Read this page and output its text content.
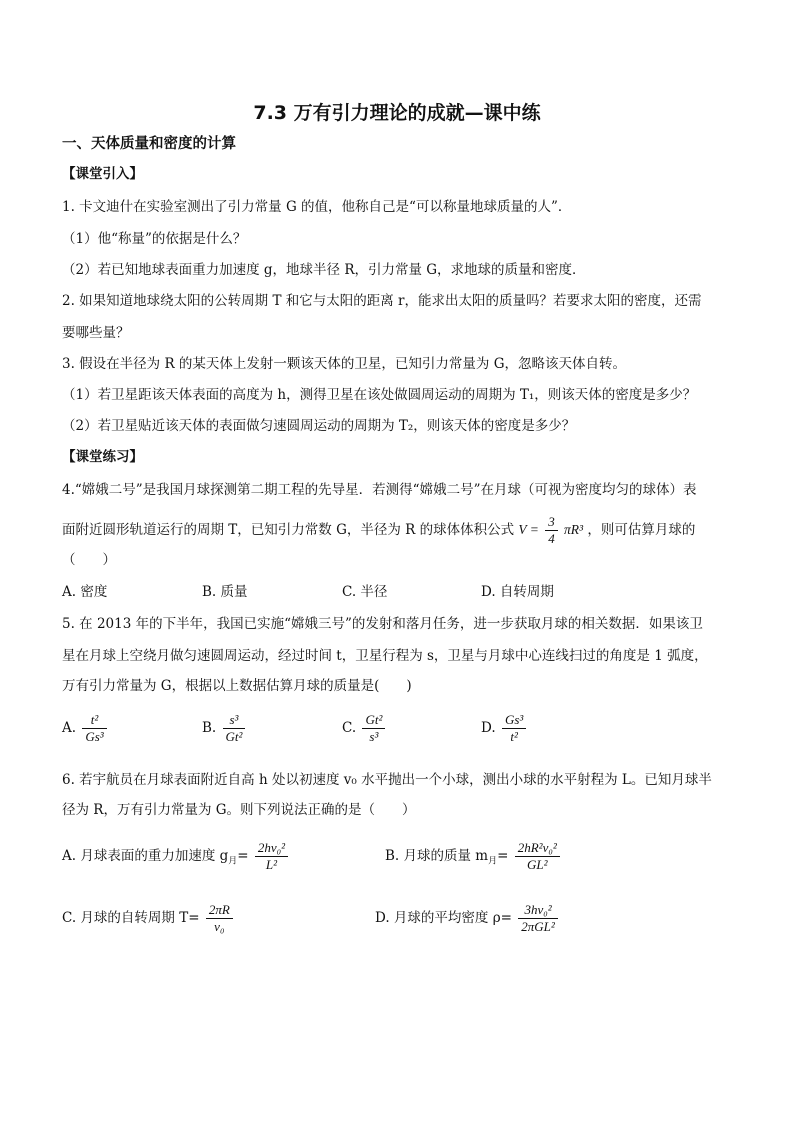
7.3 万有引力理论的成就—课中练
一、天体质量和密度的计算
【课堂引入】
1. 卡文迪什在实验室测出了引力常量 G 的值，他称自己是“可以称量地球质量的人”．
（1）他“称量”的依据是什么？
（2）若已知地球表面重力加速度 g，地球半径 R，引力常量 G，求地球的质量和密度．
2. 如果知道地球绕太阳的公转周期 T 和它与太阳的距离 r，能求出太阳的质量吗？若要求太阳的密度，还需
要哪些量？
3. 假设在半径为 R 的某天体上发射一颗该天体的卫星，已知引力常量为 G，忽略该天体自转。
（1）若卫星距该天体表面的高度为 h，测得卫星在该处做圆周运动的周期为 T₁，则该天体的密度是多少？
（2）若卫星贴近该天体的表面做匀速圆周运动的周期为 T₂，则该天体的密度是多少？
【课堂练习】
4.“嫦娥二号”是我国月球探测第二期工程的先导星．若测得“嫦娥二号”在月球（可视为密度均匀的球体）表
面附近圆形轨道运行的周期 T，已知引力常数 G，半径为 R 的球体体积公式 $V = \frac{3}{4} \pi R^3$ ，则可估算月球的
（　　）
A. 密度	B. 质量	C. 半径	D. 自转周期
5. 在 2013 年的下半年，我国已实施“嫦娥三号”的发射和落月任务，进一步获取月球的相关数据．如果该卫
星在月球上空绕月做匀速圆周运动，经过时间 t，卫星行程为 s，卫星与月球中心连线扫过的角度是 1 弧度，
万有引力常量为 G，根据以上数据估算月球的质量是(　　)
A. $\frac{\text{t²}}{\text{Gs³}}$	B. $\frac{\text{s³}}{\text{Gt²}}$	C. $\frac{\text{Gt²}}{\text{s³}}$	D. $\frac{\text{Gs³}}{\text{t²}}$
6. 若宇航员在月球表面附近自高 h 处以初速度 v₀ 水平抛出一个小球，测出小球的水平射程为 L。已知月球半
径为 R，万有引力常量为 G。则下列说法正确的是（　　）
A. 月球表面的重力加速度 $g_月= \frac{\text{2hv₀²}}{\text{L²}}$	B. 月球的质量 $m_月= \frac{\text{2hR²v₀²}}{\text{GL²}}$
C. 月球的自转周期 $T= \frac{2\pi R}{\text{v₀}}$	D. 月球的平均密度 $\rho= \frac{\text{3hv₀²}}{\text{2πGL²}}$
